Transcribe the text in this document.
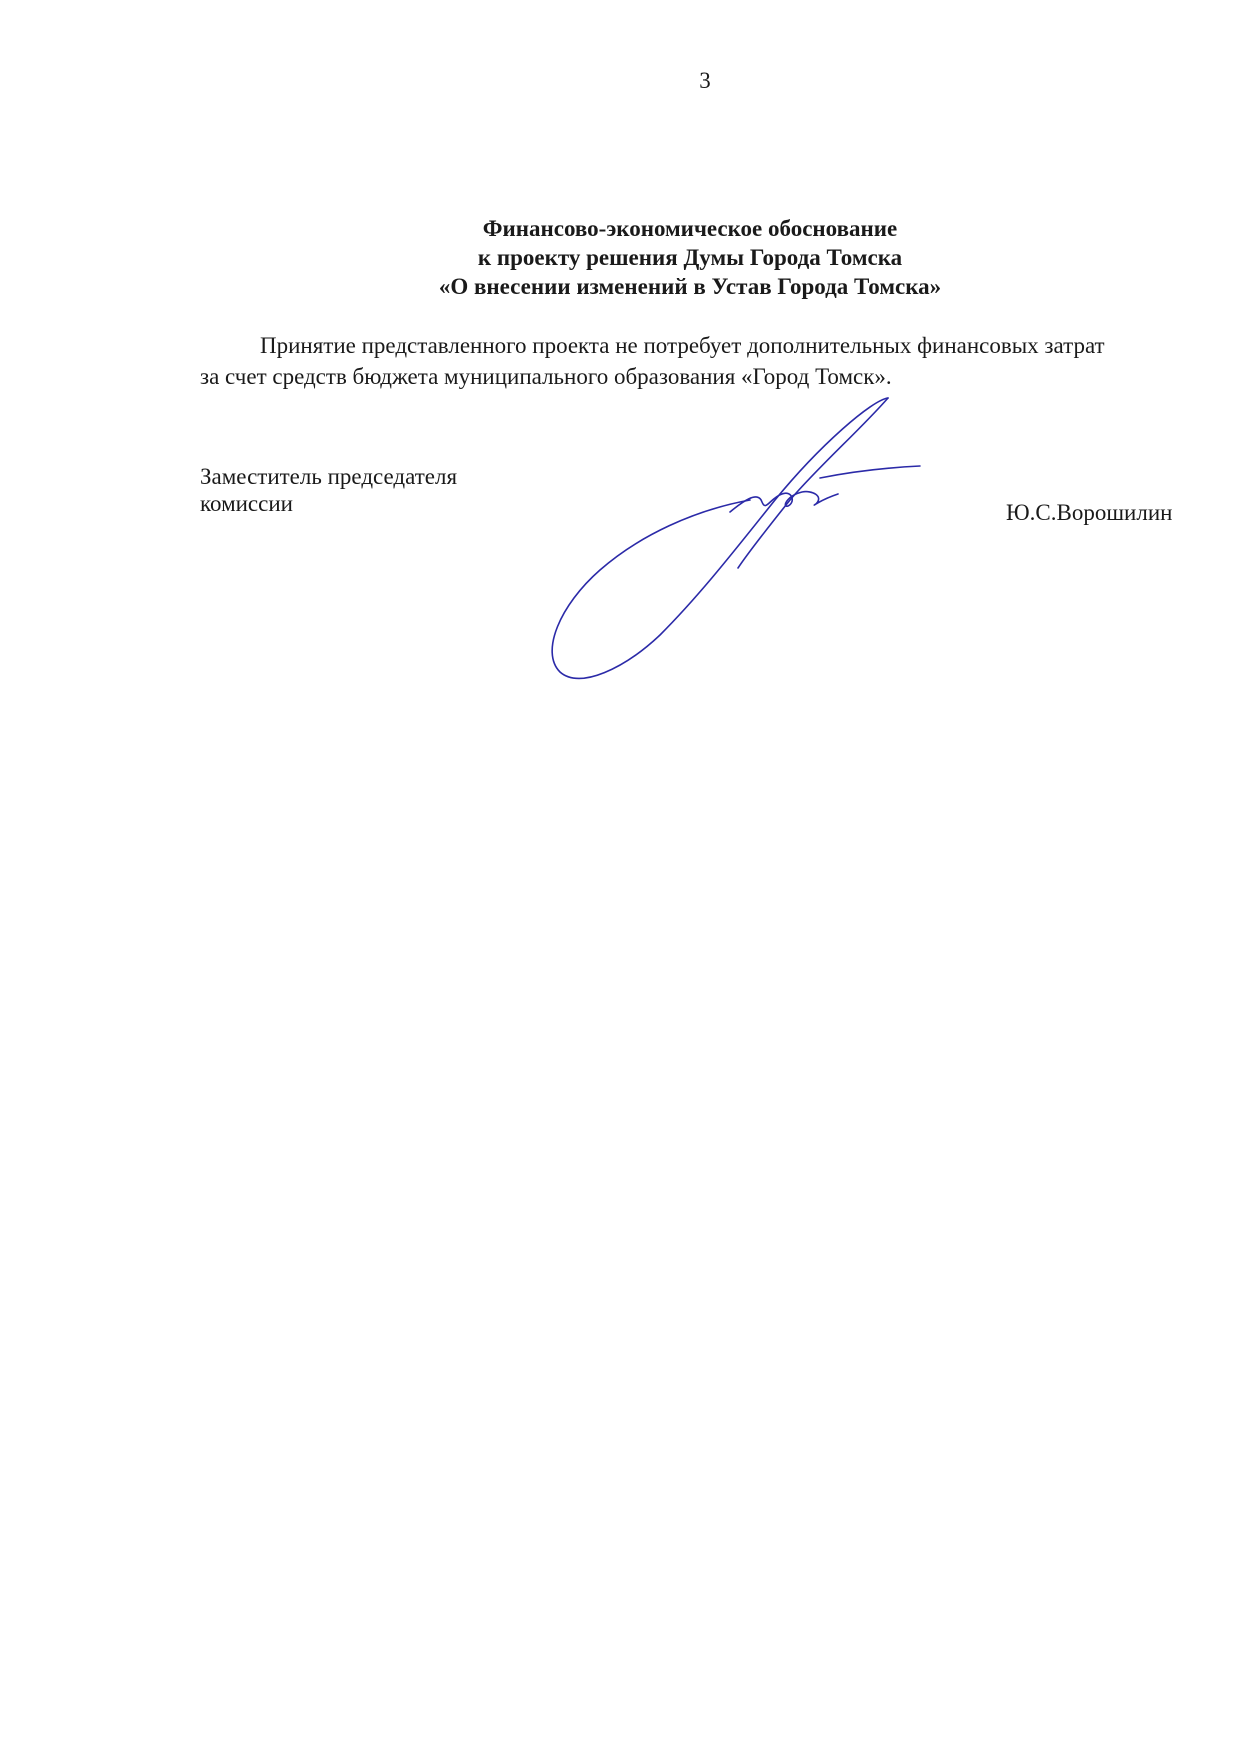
3
Финансово-экономическое обоснование
к проекту решения Думы Города Томска
«О внесении изменений в Устав Города Томска»
Принятие представленного проекта не потребует дополнительных финансовых затрат
за счет средств бюджета муниципального образования «Город Томск».
Заместитель председателя
комиссии	Ю.С.Ворошилин
